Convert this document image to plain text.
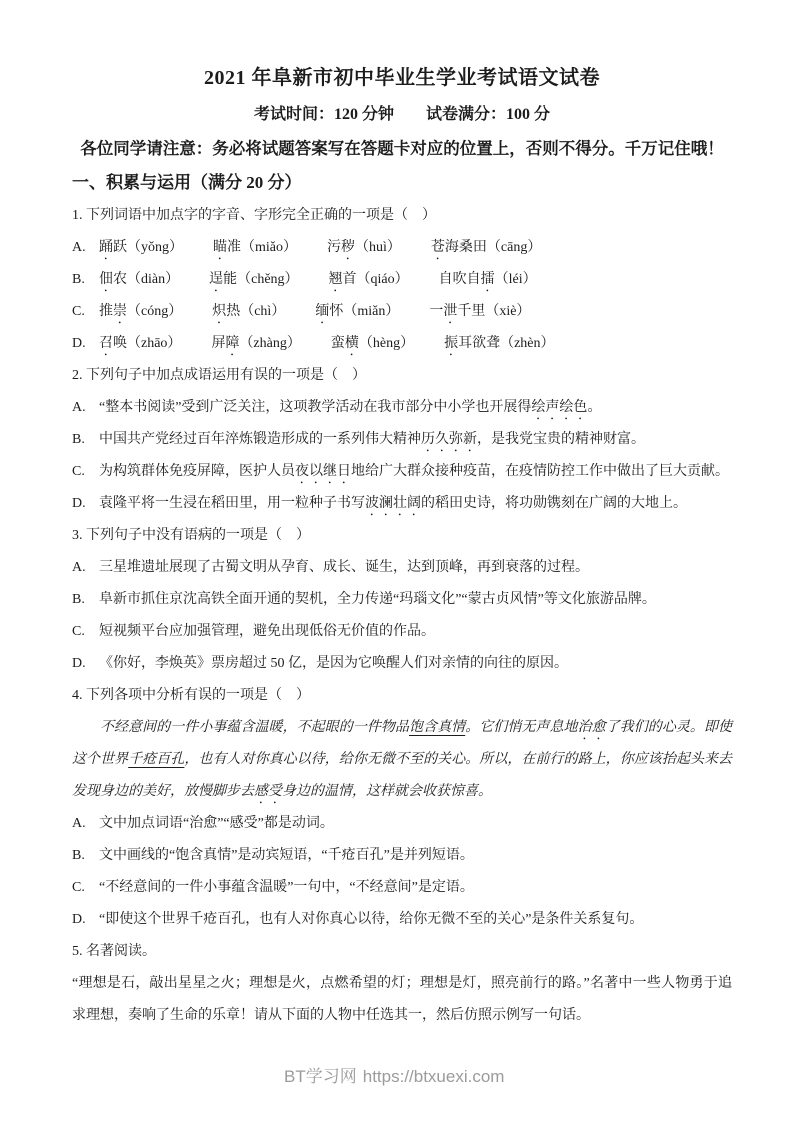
2021 年阜新市初中毕业生学业考试语文试卷
考试时间：120 分钟　　试卷满分：100 分
各位同学请注意：务必将试题答案写在答题卡对应的位置上，否则不得分。千万记住哦！
一、积累与运用（满分 20 分）
1. 下列词语中加点字的字音、字形完全正确的一项是（　）
A. 踊跃（yǒng） 瞄准（miǎo） 污秽（huì） 苍海桑田（cāng）
B.	佃农（diàn） 逞能（chěng） 翘首（qiáo） 自吹自擂（léi）
C.	推崇（cóng） 炽热（chì） 缅怀（miǎn） 一泄千里（xiè）
D. 召唤（zhāo） 屏障（zhàng） 蛮横（hèng） 振耳欲聋（zhèn）
2. 下列句子中加点成语运用有误的一项是（　）
A. “整本书阅读”受到广泛关注，这项教学活动在我市部分中小学也开展得绘声绘色。
B.	中国共产党经过百年淬炼锻造形成的一系列伟大精神历久弥新，是我党宝贵的精神财富。
C.	为构筑群体免疫屏障，医护人员夜以继日地给广大群众接种疫苗，在疫情防控工作中做出了巨大贡献。
D. 袁隆平将一生浸在稻田里，用一粒种子书写波澜壮阔的稻田史诗，将功勋镌刻在广阔的大地上。
3. 下列句子中没有语病的一项是（　）
A. 三星堆遗址展现了古蜀文明从孕育、成长、诞生，达到顶峰，再到衰落的过程。
B.	阜新市抓住京沈高铁全面开通的契机，全力传递“玛瑙文化”“蒙古贞风情”等文化旅游品牌。
C.	短视频平台应加强管理，避免出现低俗无价值的作品。
D. 《你好，李焕英》票房超过 50 亿，是因为它唤醒人们对亲情的向往的原因。
4. 下列各项中分析有误的一项是（　）
不经意间的一件小事蕴含温暖，不起眼的一件物品饱含真情。它们悄无声息地治愈了我们的心灵。即使这个世界千疮百孔，也有人对你真心以待，给你无微不至的关心。所以，在前行的路上，你应该抬起头来去发现身边的美好，放慢脚步去感受身边的温情，这样就会收获惊喜。
A. 文中加点词语“治愈”“感受”都是动词。
B.	文中画线的“饱含真情”是动宾短语，“千疮百孔”是并列短语。
C.	“不经意间的一件小事蕴含温暖”一句中，“不经意间”是定语。
D. “即使这个世界千疮百孔，也有人对你真心以待，给你无微不至的关心”是条件关系复句。
5. 名著阅读。
“理想是石，敲出星星之火；理想是火，点燃希望的灯；理想是灯，照亮前行的路。”名著中一些人物勇于追求理想，奏响了生命的乐章！请从下面的人物中任选其一，然后仿照示例写一句话。
BT学习网 https://btxuexi.com
